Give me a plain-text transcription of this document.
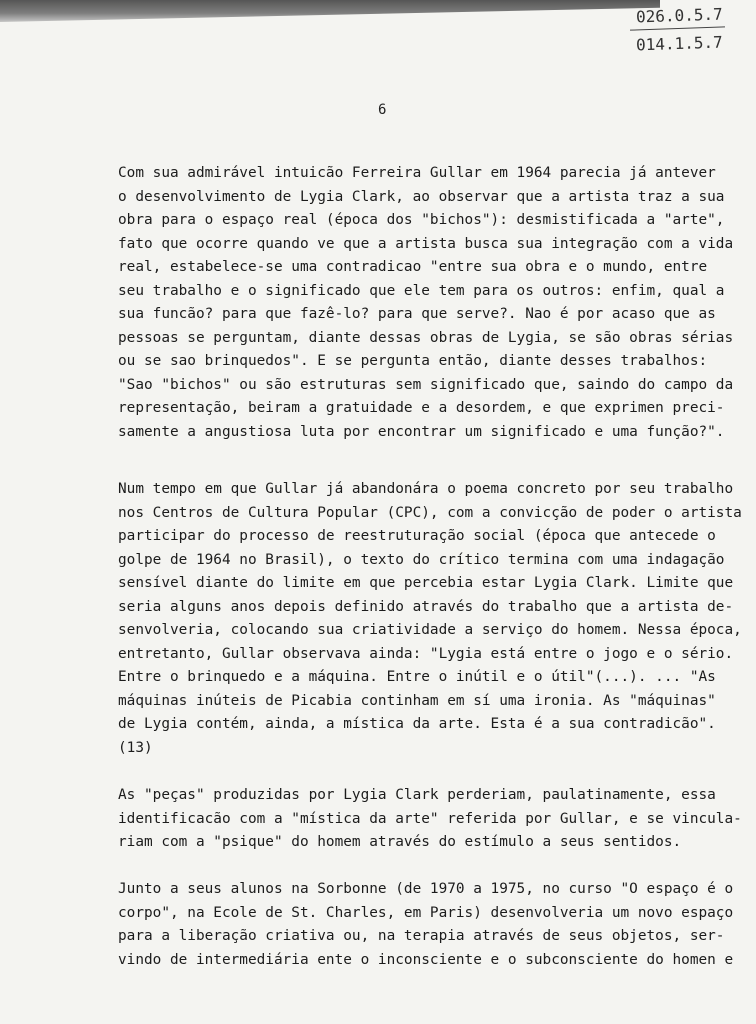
026.0.5.7
014.1.5.7
6
Com sua admirável intuicão Ferreira Gullar em 1964 parecia já antever
o desenvolvimento de Lygia Clark, ao observar que a artista traz a sua
obra para o espaço real (época dos "bichos"): desmistificada a "arte",
fato que ocorre quando ve que a artista busca sua integração com a vida
real, estabelece-se uma contradicao "entre sua obra e o mundo, entre
seu trabalho e o significado que ele tem para os outros: enfim, qual a
sua funcão? para que fazê-lo? para que serve?. Nao é por acaso que as
pessoas se perguntam, diante dessas obras de Lygia, se são obras sérias
ou se sao brinquedos". E se pergunta então, diante desses trabalhos:
"Sao "bichos" ou são estruturas sem significado que, saindo do campo da
representação, beiram a gratuidade e a desordem, e que exprimen preci-
samente a angustiosa luta por encontrar um significado e uma função?".
Num tempo em que Gullar já abandonára o poema concreto por seu trabalho
nos Centros de Cultura Popular (CPC), com a convicção de poder o artista
participar do processo de reestruturação social (época que antecede o
golpe de 1964 no Brasil), o texto do crítico termina com uma indagação
sensível diante do limite em que percebia estar Lygia Clark. Limite que
seria alguns anos depois definido através do trabalho que a artista de-
senvolveria, colocando sua criatividade a serviço do homem. Nessa época,
entretanto, Gullar observava ainda: "Lygia está entre o jogo e o sério.
Entre o brinquedo e a máquina. Entre o inútil e o útil"(...). ... "As
máquinas inúteis de Picabia continham em sí uma ironia. As "máquinas"
de Lygia contém, ainda, a mística da arte. Esta é a sua contradicão".
(13)
As "peças" produzidas por Lygia Clark perderiam, paulatinamente, essa
identificacão com a "mística da arte" referida por Gullar, e se vincula-
riam com a "psique" do homem através do estímulo a seus sentidos.
Junto a seus alunos na Sorbonne (de 1970 a 1975, no curso "O espaço é o
corpo", na Ecole de St. Charles, em Paris) desenvolveria um novo espaço
para a liberação criativa ou, na terapia através de seus objetos, ser-
vindo de intermediária ente o inconsciente e o subconsciente do homen e
